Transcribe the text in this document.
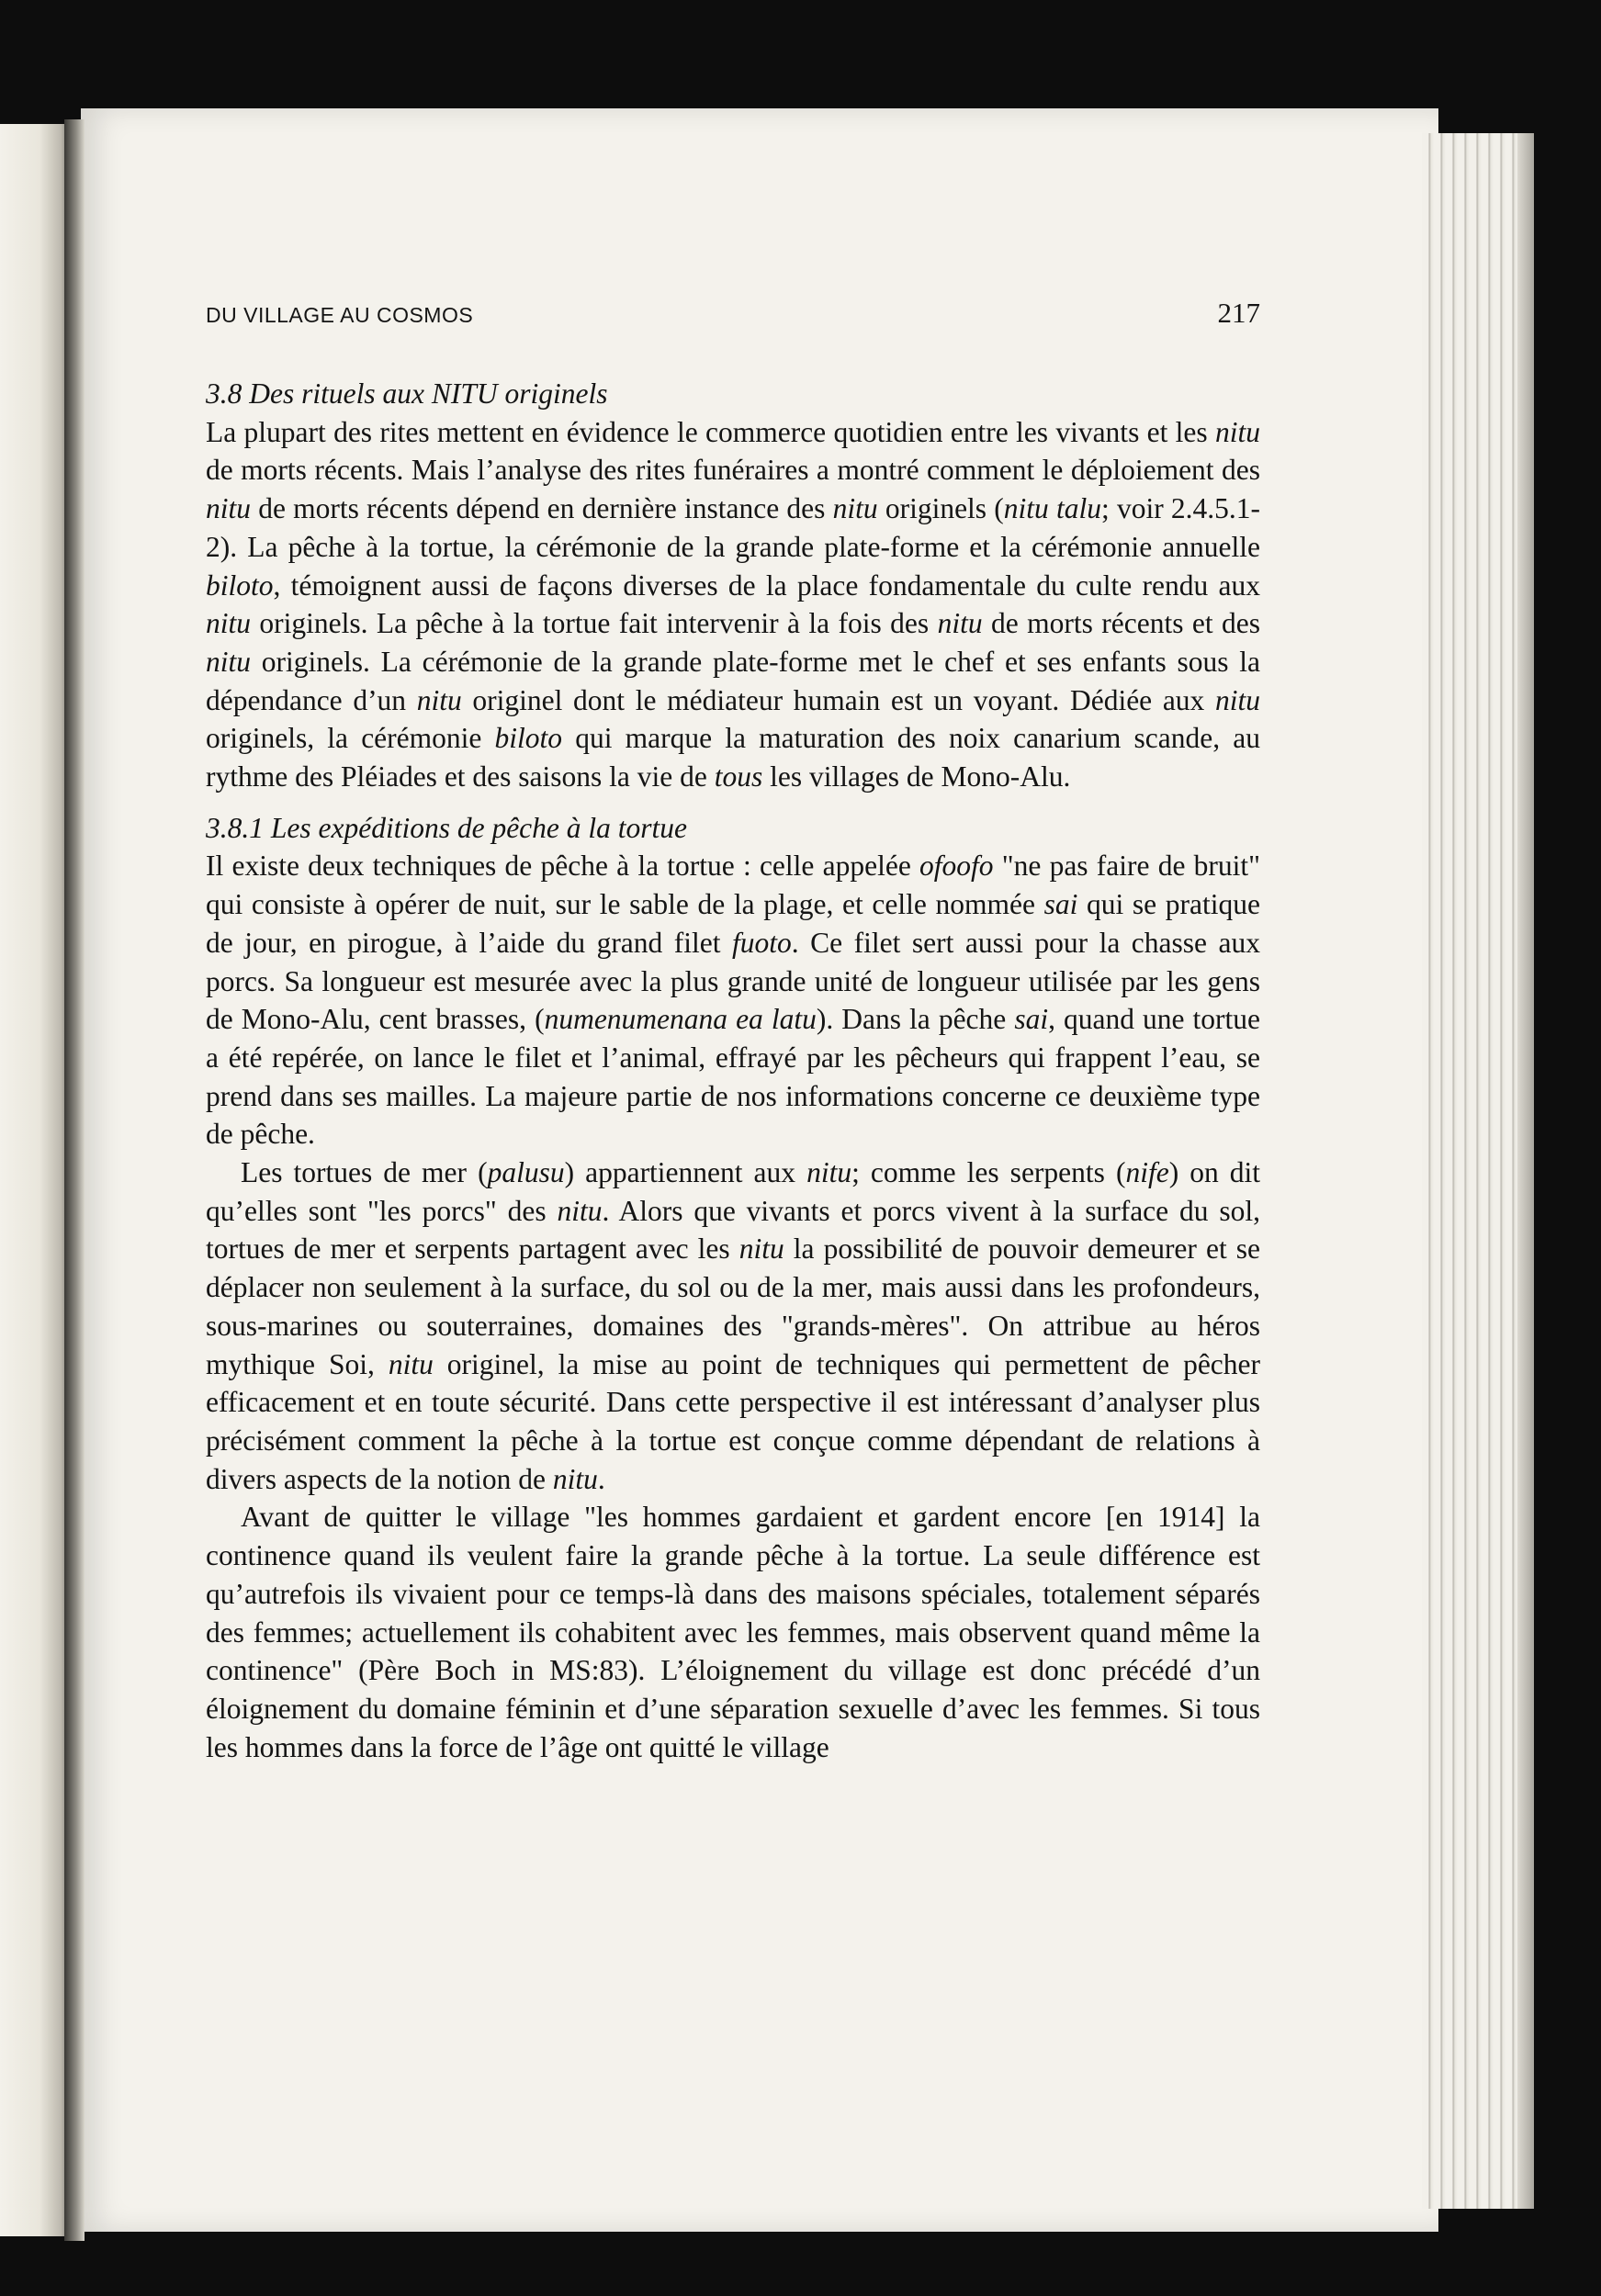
DU VILLAGE AU COSMOS	217
3.8 Des rituels aux NITU originels

La plupart des rites mettent en évidence le commerce quotidien entre les vivants et les nitu de morts récents. Mais l’analyse des rites funéraires a montré comment le déploiement des nitu de morts récents dépend en dernière instance des nitu originels (nitu talu; voir 2.4.5.1-2). La pêche à la tortue, la cérémonie de la grande plate-forme et la cérémonie annuelle biloto, témoignent aussi de façons diverses de la place fondamentale du culte rendu aux nitu originels. La pêche à la tortue fait intervenir à la fois des nitu de morts récents et des nitu originels. La cérémonie de la grande plate-forme met le chef et ses enfants sous la dépendance d’un nitu originel dont le médiateur humain est un voyant. Dédiée aux nitu originels, la cérémonie biloto qui marque la maturation des noix canarium scande, au rythme des Pléiades et des saisons la vie de tous les villages de Mono-Alu.

3.8.1 Les expéditions de pêche à la tortue

Il existe deux techniques de pêche à la tortue : celle appelée ofoofo "ne pas faire de bruit" qui consiste à opérer de nuit, sur le sable de la plage, et celle nommée sai qui se pratique de jour, en pirogue, à l’aide du grand filet fuoto. Ce filet sert aussi pour la chasse aux porcs. Sa longueur est mesurée avec la plus grande unité de longueur utilisée par les gens de Mono-Alu, cent brasses, (numenumenana ea latu). Dans la pêche sai, quand une tortue a été repérée, on lance le filet et l’animal, effrayé par les pêcheurs qui frappent l’eau, se prend dans ses mailles. La majeure partie de nos informations concerne ce deuxième type de pêche.

Les tortues de mer (palusu) appartiennent aux nitu; comme les serpents (nife) on dit qu’elles sont "les porcs" des nitu. Alors que vivants et porcs vivent à la surface du sol, tortues de mer et serpents partagent avec les nitu la possibilité de pouvoir demeurer et se déplacer non seulement à la surface, du sol ou de la mer, mais aussi dans les profondeurs, sous-marines ou souterraines, domaines des "grands-mères". On attribue au héros mythique Soi, nitu originel, la mise au point de techniques qui permettent de pêcher efficacement et en toute sécurité. Dans cette perspective il est intéressant d’analyser plus précisément comment la pêche à la tortue est conçue comme dépendant de relations à divers aspects de la notion de nitu.

Avant de quitter le village "les hommes gardaient et gardent encore [en 1914] la continence quand ils veulent faire la grande pêche à la tortue. La seule différence est qu’autrefois ils vivaient pour ce temps-là dans des maisons spéciales, totalement séparés des femmes; actuellement ils cohabitent avec les femmes, mais observent quand même la continence" (Père Boch in MS:83). L’éloignement du village est donc précédé d’un éloignement du domaine féminin et d’une séparation sexuelle d’avec les femmes. Si tous les hommes dans la force de l’âge ont quitté le village
